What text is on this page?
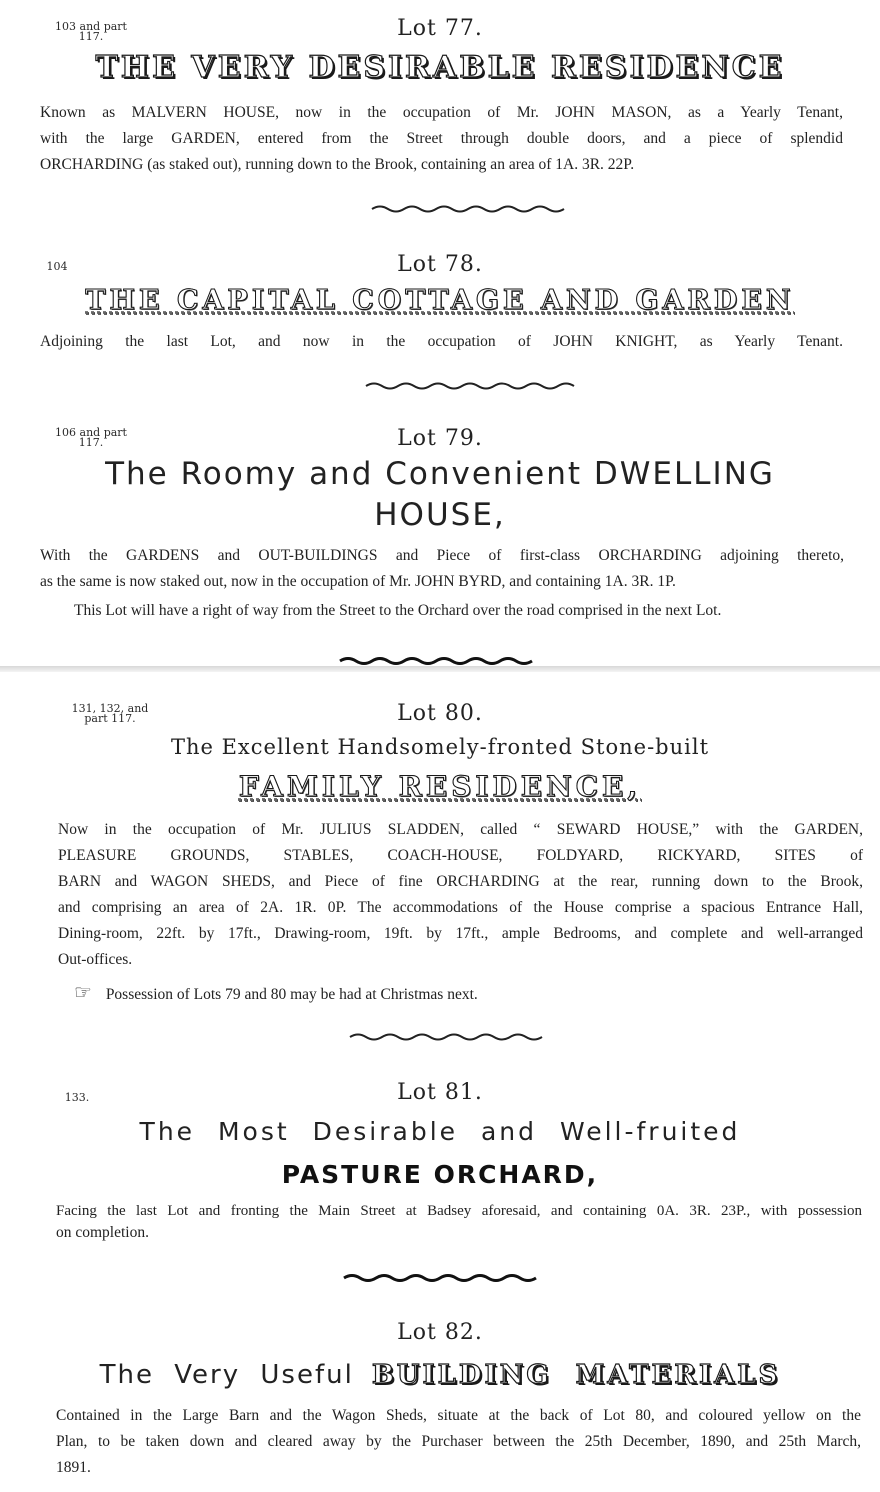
103 and part
117.	Lot 77.
THE VERY DESIRABLE RESIDENCE
Known as MALVERN HOUSE, now in the occupation of Mr. JOHN MASON, as a Yearly Tenant,
with the large GARDEN, entered from the Street through double doors, and a piece of splendid
ORCHARDING (as staked out), running down to the Brook, containing an area of 1A. 3R. 22P.
104	Lot 78.
THE CAPITAL COTTAGE AND GARDEN
Adjoining the last Lot, and now in the occupation of JOHN KNIGHT, as Yearly Tenant.
106 and part
117.	Lot 79.
The Roomy and Convenient DWELLING
HOUSE,
With the GARDENS and OUT-BUILDINGS and Piece of first-class ORCHARDING adjoining thereto,
as the same is now staked out, now in the occupation of Mr. JOHN BYRD, and containing 1A. 3R. 1P.
This Lot will have a right of way from the Street to the Orchard over the road comprised in the next Lot.
131, 132, and
part 117.	Lot 80.
The Excellent Handsomely-fronted Stone-built
FAMILY RESIDENCE,
Now in the occupation of Mr. JULIUS SLADDEN, called “ SEWARD HOUSE,” with the GARDEN,
PLEASURE GROUNDS, STABLES, COACH-HOUSE, FOLDYARD, RICKYARD, SITES of
BARN and WAGON SHEDS, and Piece of fine ORCHARDING at the rear, running down to the Brook,
and comprising an area of 2A. 1R. 0P. The accommodations of the House comprise a spacious Entrance Hall,
Dining-room, 22ft. by 17ft., Drawing-room, 19ft. by 17ft., ample Bedrooms, and complete and well-arranged
Out-offices.
☞ Possession of Lots 79 and 80 may be had at Christmas next.
133.	Lot 81.
The Most Desirable and Well-fruited
PASTURE ORCHARD,
Facing the last Lot and fronting the Main Street at Badsey aforesaid, and containing 0A. 3R. 23P., with possession
on completion.
Lot 82.
The Very Useful BUILDING MATERIALS
Contained in the Large Barn and the Wagon Sheds, situate at the back of Lot 80, and coloured yellow on the
Plan, to be taken down and cleared away by the Purchaser between the 25th December, 1890, and 25th March,
1891.
